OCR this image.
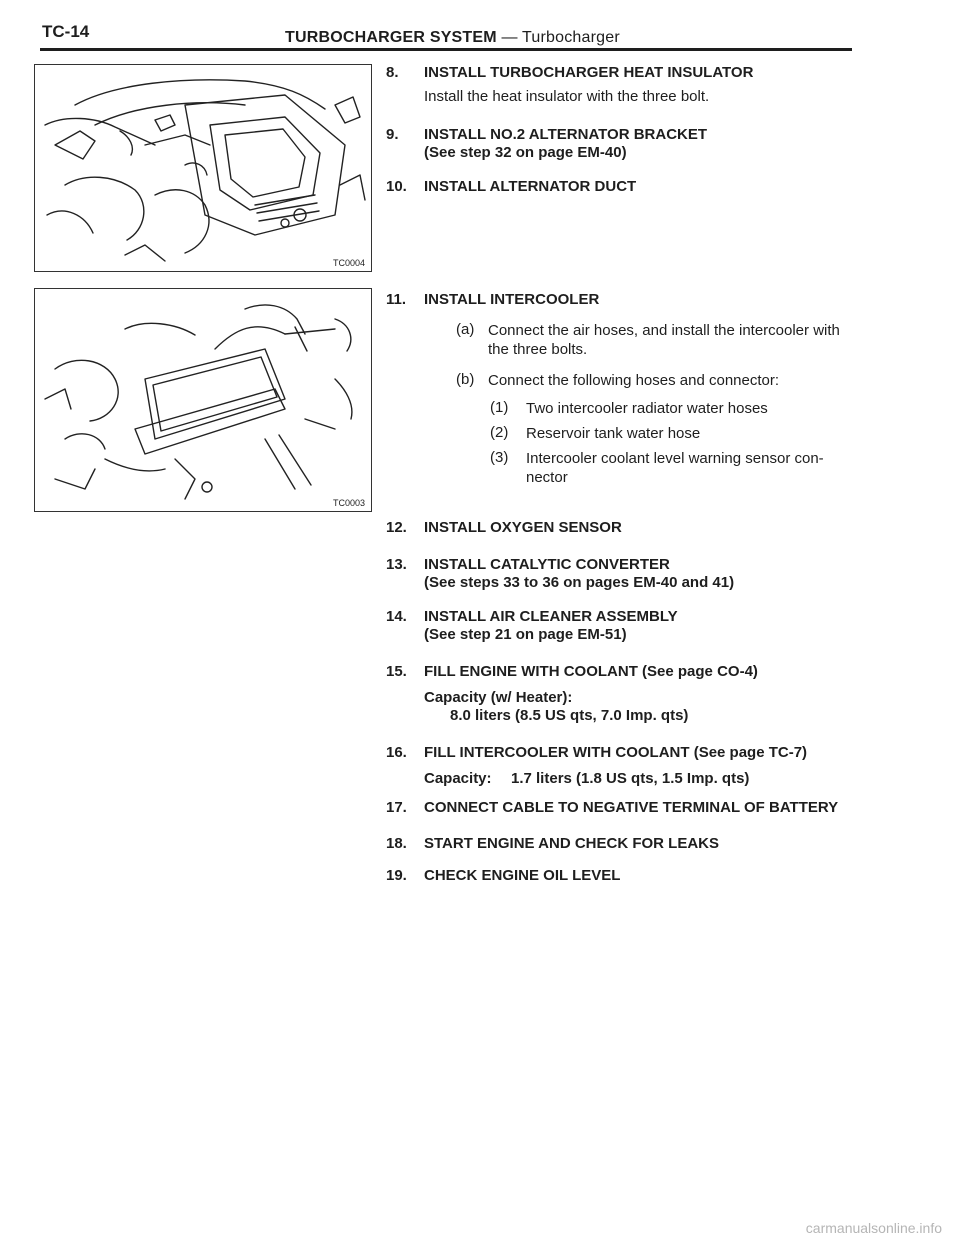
TC-14	TURBOCHARGER SYSTEM — Turbocharger
TC0004
TC0003
8.	INSTALL TURBOCHARGER HEAT INSULATOR
Install the heat insulator with the three bolt.
9.	INSTALL NO.2 ALTERNATOR BRACKET
(See step 32 on page EM-40)
10.	INSTALL ALTERNATOR DUCT
11.	INSTALL INTERCOOLER
(a) Connect the air hoses, and install the intercooler with
the three bolts.
(b) Connect the following hoses and connector:
(1) Two intercooler radiator water hoses
(2) Reservoir tank water hose
(3) Intercooler coolant level warning sensor con-
nector
12.	INSTALL OXYGEN SENSOR
13.	INSTALL CATALYTIC CONVERTER
(See steps 33 to 36 on pages EM-40 and 41)
14.	INSTALL AIR CLEANER ASSEMBLY
(See step 21 on page EM-51)
15.	FILL ENGINE WITH COOLANT (See page CO-4)
Capacity (w/ Heater):
8.0 liters (8.5 US qts, 7.0 Imp. qts)
16.	FILL INTERCOOLER WITH COOLANT (See page TC-7)
Capacity: 1.7 liters (1.8 US qts, 1.5 Imp. qts)
17.	CONNECT CABLE TO NEGATIVE TERMINAL OF BATTERY
18.	START ENGINE AND CHECK FOR LEAKS
19.	CHECK ENGINE OIL LEVEL
carmanualsonline.info
